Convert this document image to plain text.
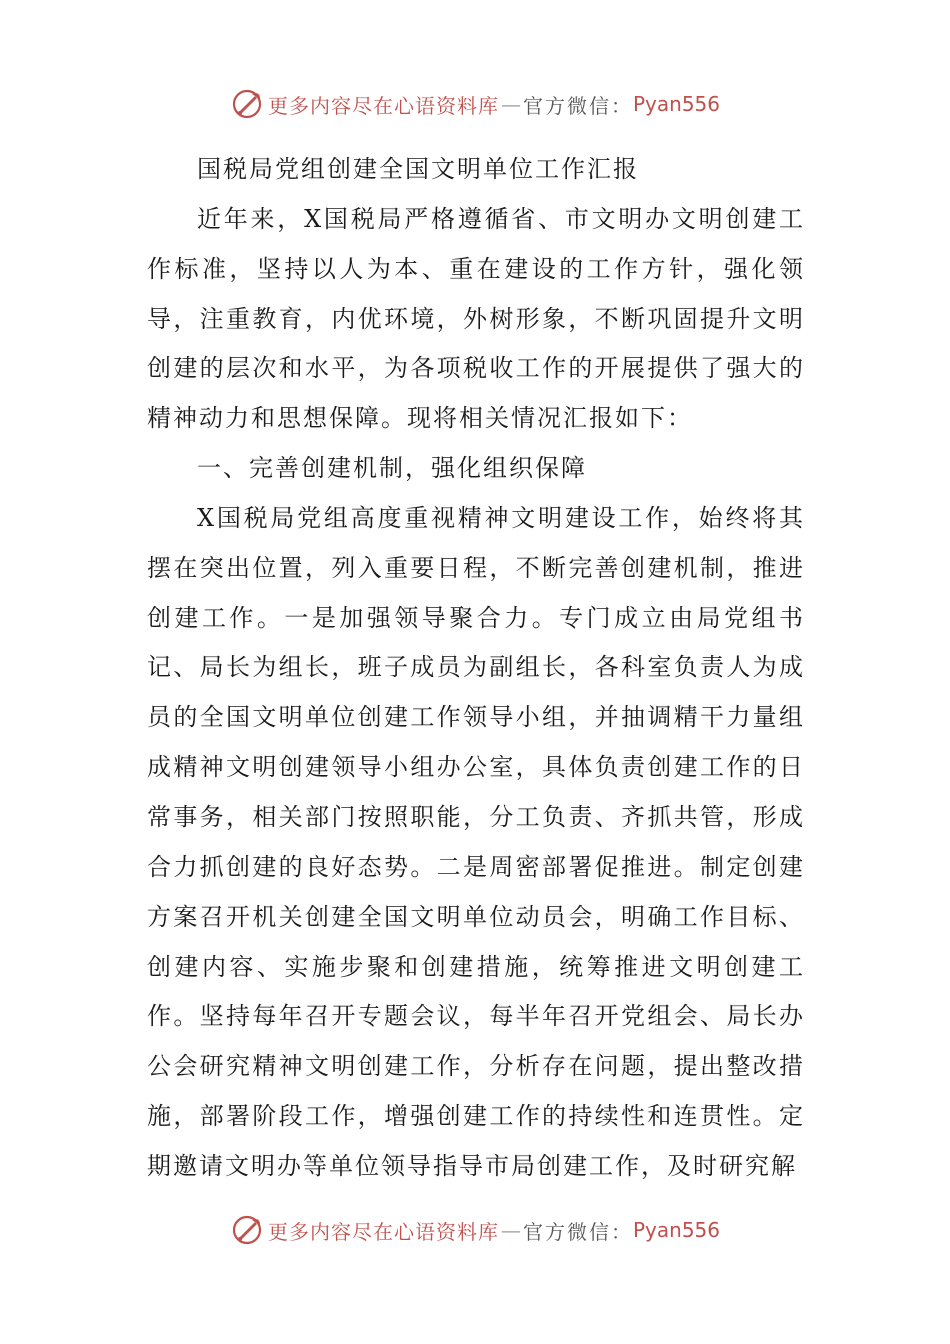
更多内容尽在心语资料库 — 官方微信： Pyan556

国税局党组创建全国文明单位工作汇报

近年来，X国税局严格遵循省、市文明办文明创建工作标准，坚持以人为本、重在建设的工作方针，强化领导，注重教育，内优环境，外树形象，不断巩固提升文明创建的层次和水平，为各项税收工作的开展提供了强大的精神动力和思想保障。现将相关情况汇报如下：

一、完善创建机制，强化组织保障

X国税局党组高度重视精神文明建设工作，始终将其摆在突出位置，列入重要日程，不断完善创建机制，推进创建工作。一是加强领导聚合力。专门成立由局党组书记、局长为组长，班子成员为副组长，各科室负责人为成员的全国文明单位创建工作领导小组，并抽调精干力量组成精神文明创建领导小组办公室，具体负责创建工作的日常事务，相关部门按照职能，分工负责、齐抓共管，形成合力抓创建的良好态势。二是周密部署促推进。制定创建方案召开机关创建全国文明单位动员会，明确工作目标、创建内容、实施步聚和创建措施，统筹推进文明创建工作。坚持每年召开专题会议，每半年召开党组会、局长办公会研究精神文明创建工作，分析存在问题，提出整改措施，部署阶段工作，增强创建工作的持续性和连贯性。定期邀请文明办等单位领导指导市局创建工作，及时研究解

更多内容尽在心语资料库 — 官方微信： Pyan556
